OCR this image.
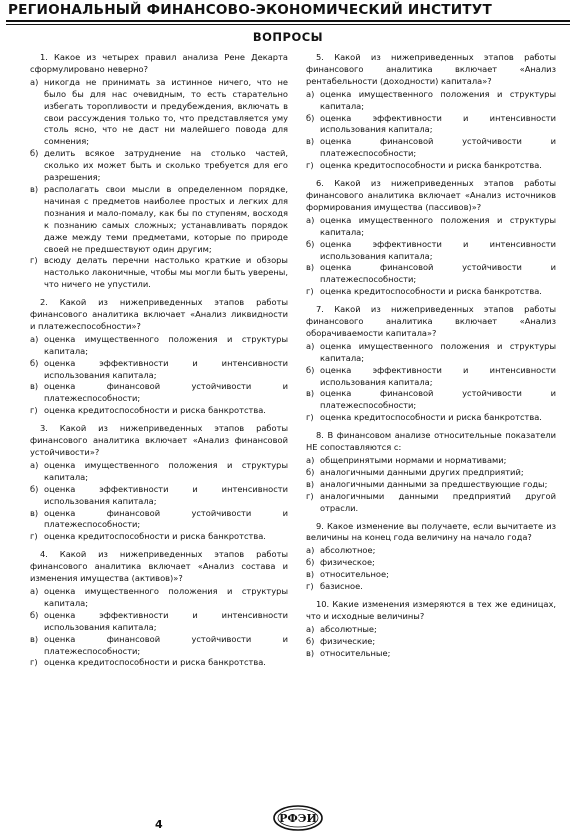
РЕГИОНАЛЬНЫЙ ФИНАНСОВО-ЭКОНОМИЧЕСКИЙ ИНСТИТУТ
ВОПРОСЫ
1. Какое из четырех правил анализа Рене Декарта сформулировано неверно?
а) никогда не принимать за истинное ничего, что не было бы для нас очевидным, то есть старательно избегать торопливости и предубеждения, включать в свои рассуждения только то, что представляется уму столь ясно, что не даст ни малейшего повода для сомнения;
б) делить всякое затруднение на столько частей, сколько их может быть и сколько требуется для его разрешения;
в) располагать свои мысли в определенном порядке, начиная с предметов наиболее простых и легких для познания и мало-помалу, как бы по ступеням, восходя к познанию самых сложных; устанавливать порядок даже между теми предметами, которые по природе своей не предшествуют один другим;
г) всюду делать перечни настолько краткие и обзоры настолько лаконичные, чтобы мы могли быть уверены, что ничего не упустили.
2. Какой из нижеприведенных этапов работы финансового аналитика включает «Анализ ликвидности и платежеспособности»?
а) оценка имущественного положения и структуры капитала;
б) оценка эффективности и интенсивности использования капитала;
в) оценка финансовой устойчивости и платежеспособности;
г) оценка кредитоспособности и риска банкротства.
3. Какой из нижеприведенных этапов работы финансового аналитика включает «Анализ финансовой устойчивости»?
а) оценка имущественного положения и структуры капитала;
б) оценка эффективности и интенсивности использования капитала;
в) оценка финансовой устойчивости и платежеспособности;
г) оценка кредитоспособности и риска банкротства.
4. Какой из нижеприведенных этапов работы финансового аналитика включает «Анализ состава и изменения имущества (активов)»?
а) оценка имущественного положения и структуры капитала;
б) оценка эффективности и интенсивности использования капитала;
в) оценка финансовой устойчивости и платежеспособности;
г) оценка кредитоспособности и риска банкротства.
5. Какой из нижеприведенных этапов работы финансового аналитика включает «Анализ рентабельности (доходности) капитала»?
а) оценка имущественного положения и структуры капитала;
б) оценка эффективности и интенсивности использования капитала;
в) оценка финансовой устойчивости и платежеспособности;
г) оценка кредитоспособности и риска банкротства.
6. Какой из нижеприведенных этапов работы финансового аналитика включает «Анализ источников формирования имущества (пассивов)»?
а) оценка имущественного положения и структуры капитала;
б) оценка эффективности и интенсивности использования капитала;
в) оценка финансовой устойчивости и платежеспособности;
г) оценка кредитоспособности и риска банкротства.
7. Какой из нижеприведенных этапов работы финансового аналитика включает «Анализ оборачиваемости капитала»?
а) оценка имущественного положения и структуры капитала;
б) оценка эффективности и интенсивности использования капитала;
в) оценка финансовой устойчивости и платежеспособности;
г) оценка кредитоспособности и риска банкротства.
8. В финансовом анализе относительные показатели НЕ сопоставляются с:
а) общепринятыми нормами и нормативами;
б) аналогичными данными других предприятий;
в) аналогичными данными за предшествующие годы;
г) аналогичными данными предприятий другой отрасли.
9. Какое изменение вы получаете, если вычитаете из величины на конец года величину на начало года?
а) абсолютное;
б) физическое;
в) относительное;
г) базисное.
10. Какие изменения измеряются в тех же единицах, что и исходные величины?
а) абсолютные;
б) физические;
в) относительные;
4	РФЭИ
